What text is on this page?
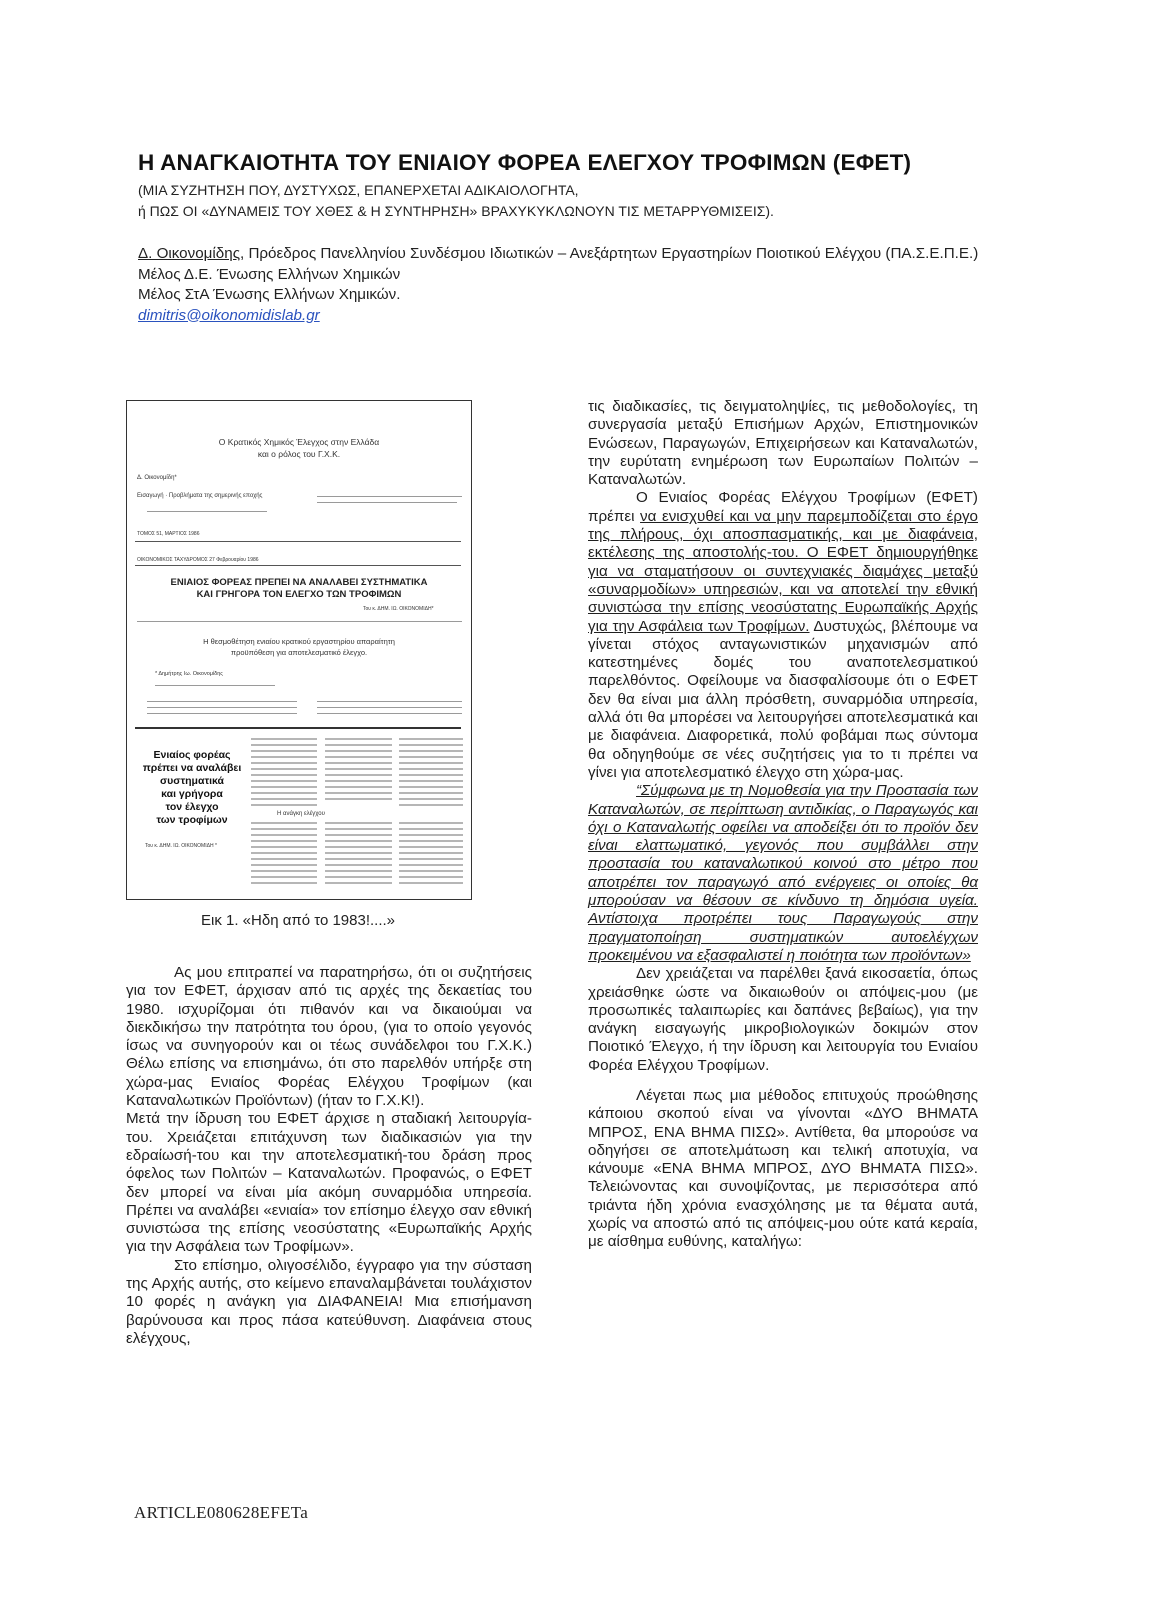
Η ΑΝΑΓΚΑΙΟΤΗΤΑ ΤΟΥ ΕΝΙΑΙΟΥ ΦΟΡΕΑ ΕΛΕΓΧΟΥ ΤΡΟΦΙΜΩΝ (ΕΦΕΤ)
(ΜΙΑ ΣΥΖΗΤΗΣΗ ΠΟΥ, ΔΥΣΤΥΧΩΣ, ΕΠΑΝΕΡΧΕΤΑΙ ΑΔΙΚΑΙΟΛΟΓΗΤΑ,
ή ΠΩΣ ΟΙ «ΔΥΝΑΜΕΙΣ ΤΟΥ ΧΘΕΣ & Η ΣΥΝΤΗΡΗΣΗ» ΒΡΑΧΥΚΥΚΛΩΝΟΥΝ ΤΙΣ ΜΕΤΑΡΡΥΘΜΙΣΕΙΣ).
Δ. Οικονομίδης, Πρόεδρος Πανελληνίου Συνδέσμου Ιδιωτικών – Ανεξάρτητων Εργαστηρίων Ποιοτικού Ελέγχου (ΠΑ.Σ.Ε.Π.Ε.)
Μέλος Δ.Ε. Ένωσης Ελλήνων Χημικών
Μέλος ΣτΑ Ένωσης Ελλήνων Χημικών.
dimitris@oikonomidislab.gr
Ο Κρατικός Χημικός Έλεγχος στην Ελλάδα
και ο ρόλος του Γ.Χ.Κ.
Δ. Οικονομίδη*
Εισαγωγή · Προβλήματα της σημερινής εποχής
ΤΟΜΟΣ 51, ΜΑΡΤΙΟΣ 1986
ΟΙΚΟΝΟΜΙΚΟΣ ΤΑΧΥΔΡΟΜΟΣ 27 Φεβρουαρίου 1986
ΕΝΙΑΙΟΣ ΦΟΡΕΑΣ ΠΡΕΠΕΙ ΝΑ ΑΝΑΛΑΒΕΙ ΣΥΣΤΗΜΑΤΙΚΑ
ΚΑΙ ΓΡΗΓΟΡΑ ΤΟΝ ΕΛΕΓΧΟ ΤΩΝ ΤΡΟΦΙΜΩΝ
Του κ. ΔΗΜ. ΙΩ. ΟΙΚΟΝΟΜΙΔΗ*
Η θεσμοθέτηση ενιαίου κρατικού εργαστηρίου απαραίτητη
προϋπόθεση για αποτελεσματικό έλεγχο.
* Δημήτρης Ιω. Οικονομίδης
Ενιαίος φορέας
πρέπει να αναλάβει
συστηματικά
και γρήγορα
τον έλεγχο
των τροφίμων
Του κ. ΔΗΜ. ΙΩ. ΟΙΚΟΝΟΜΙΔΗ *
Η ανάγκη ελέγχου
Εικ 1. «Ηδη από το 1983!....»

Ας μου επιτραπεί να παρατηρήσω, ότι οι συζητήσεις για τον ΕΦΕΤ, άρχισαν από τις αρχές της δεκαετίας του 1980. ισχυρίζομαι ότι πιθανόν και να δικαιούμαι να διεκδικήσω την πατρότητα του όρου, (για το οποίο γεγονός ίσως να συνηγορούν και οι τέως συνάδελφοι του Γ.Χ.Κ.) Θέλω επίσης να επισημάνω, ότι στο παρελθόν υπήρξε στη χώρα-μας Ενιαίος Φορέας Ελέγχου Τροφίμων (και Καταναλωτικών Προϊόντων) (ήταν το Γ.Χ.Κ!).

Μετά την ίδρυση του ΕΦΕΤ άρχισε η σταδιακή λειτουργία-του. Χρειάζεται επιτάχυνση των διαδικασιών για την εδραίωσή-του και την αποτελεσματική-του δράση προς όφελος των Πολιτών – Καταναλωτών. Προφανώς, ο ΕΦΕΤ δεν μπορεί να είναι μία ακόμη συναρμόδια υπηρεσία. Πρέπει να αναλάβει «ενιαία» τον επίσημο έλεγχο σαν εθνική συνιστώσα της επίσης νεοσύστατης «Ευρωπαϊκής Αρχής για την Ασφάλεια των Τροφίμων».

Στο επίσημο, ολιγοσέλιδο, έγγραφο για την σύσταση της Αρχής αυτής, στο κείμενο επαναλαμβάνεται τουλάχιστον 10 φορές η ανάγκη για ΔΙΑΦΑΝΕΙΑ! Μια επισήμανση βαρύνουσα και προς πάσα κατεύθυνση. Διαφάνεια στους ελέγχους,

τις διαδικασίες, τις δειγματοληψίες, τις μεθοδολογίες, τη συνεργασία μεταξύ Επισήμων Αρχών, Επιστημονικών Ενώσεων, Παραγωγών, Επιχειρήσεων και Καταναλωτών, την ευρύτατη ενημέρωση των Ευρωπαίων Πολιτών – Καταναλωτών.

Ο Ενιαίος Φορέας Ελέγχου Τροφίμων (ΕΦΕΤ) πρέπει να ενισχυθεί και να μην παρεμποδίζεται στο έργο της πλήρους, όχι αποσπασματικής, και με διαφάνεια, εκτέλεσης της αποστολής-του. Ο ΕΦΕΤ δημιουργήθηκε για να σταματήσουν οι συντεχνιακές διαμάχες μεταξύ «συναρμοδίων» υπηρεσιών, και να αποτελεί την εθνική συνιστώσα την επίσης νεοσύστατης Ευρωπαϊκής Αρχής για την Ασφάλεια των Τροφίμων. Δυστυχώς, βλέπουμε να γίνεται στόχος ανταγωνιστικών μηχανισμών από κατεστημένες δομές του αναποτελεσματικού παρελθόντος. Οφείλουμε να διασφαλίσουμε ότι ο ΕΦΕΤ δεν θα είναι μια άλλη πρόσθετη, συναρμόδια υπηρεσία, αλλά ότι θα μπορέσει να λειτουργήσει αποτελεσματικά και με διαφάνεια. Διαφορετικά, πολύ φοβάμαι πως σύντομα θα οδηγηθούμε σε νέες συζητήσεις για το τι πρέπει να γίνει για αποτελεσματικό έλεγχο στη χώρα-μας.

“Σύμφωνα με τη Νομοθεσία για την Προστασία των Καταναλωτών, σε περίπτωση αντιδικίας, ο Παραγωγός και όχι ο Καταναλωτής οφείλει να αποδείξει ότι το προϊόν δεν είναι ελαττωματικό, γεγονός που συμβάλλει στην προστασία του καταναλωτικού κοινού στο μέτρο που αποτρέπει τον παραγωγό από ενέργειες οι οποίες θα μπορούσαν να θέσουν σε κίνδυνο τη δημόσια υγεία. Αντίστοιχα προτρέπει τους Παραγωγούς στην πραγματοποίηση συστηματικών αυτοελέγχων προκειμένου να εξασφαλιστεί η ποιότητα των προϊόντων»

Δεν χρειάζεται να παρέλθει ξανά εικοσαετία, όπως χρειάσθηκε ώστε να δικαιωθούν οι απόψεις-μου (με προσωπικές ταλαιπωρίες και δαπάνες βεβαίως), για την ανάγκη εισαγωγής μικροβιολογικών δοκιμών στον Ποιοτικό Έλεγχο, ή την ίδρυση και λειτουργία του Ενιαίου Φορέα Ελέγχου Τροφίμων.

Λέγεται πως μια μέθοδος επιτυχούς προώθησης κάποιου σκοπού είναι να γίνονται «ΔΥΟ ΒΗΜΑΤΑ ΜΠΡΟΣ, ΕΝΑ ΒΗΜΑ ΠΙΣΩ». Αντίθετα, θα μπορούσε να οδηγήσει σε αποτελμάτωση και τελική αποτυχία, να κάνουμε «ΕΝΑ ΒΗΜΑ ΜΠΡΟΣ, ΔΥΟ ΒΗΜΑΤΑ ΠΙΣΩ». Τελειώνοντας και συνοψίζοντας, με περισσότερα από τριάντα ήδη χρόνια ενασχόλησης με τα θέματα αυτά, χωρίς να αποστώ από τις απόψεις-μου ούτε κατά κεραία, με αίσθημα ευθύνης, καταλήγω:

ARTICLE080628EFETa
